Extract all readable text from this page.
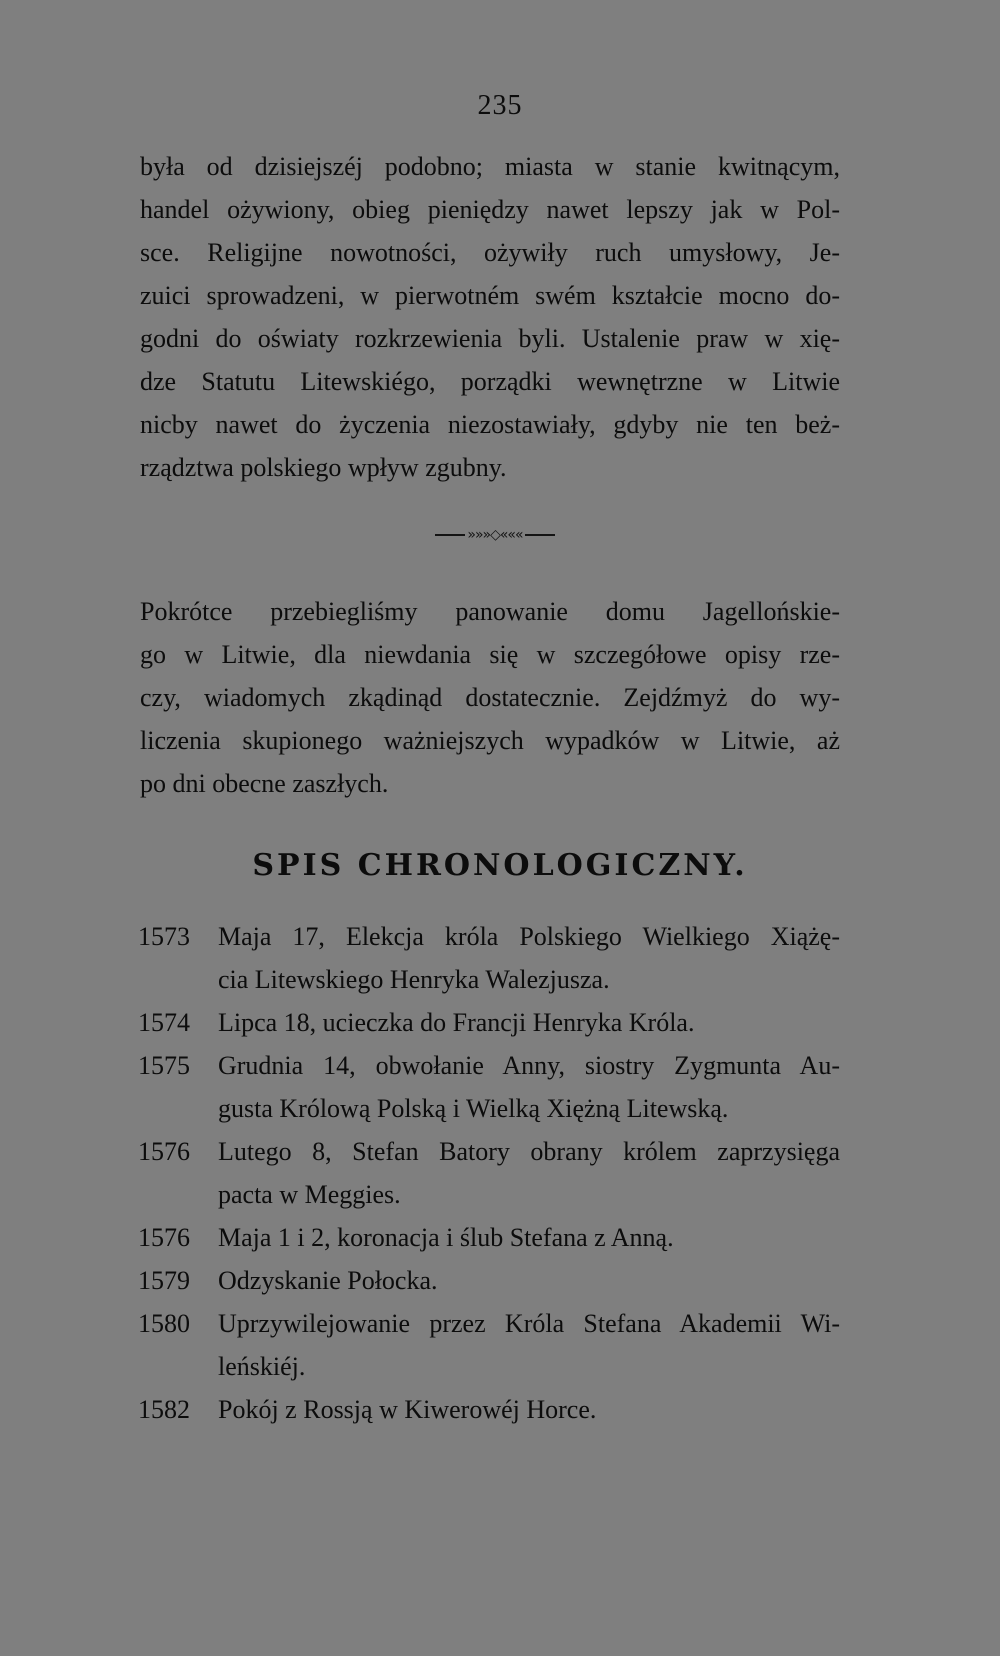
235
była od dzisiejszéj podobno; miasta w stanie kwitnącym,
handel ożywiony, obieg pieniędzy nawet lepszy jak w Pol-
sce. Religijne nowotności, ożywiły ruch umysłowy, Je-
zuici sprowadzeni, w pierwotném swém kształcie mocno do-
godni do oświaty rozkrzewienia byli. Ustalenie praw w xię-
dze Statutu Litewskiégo, porządki wewnętrzne w Litwie
nicby nawet do życzenia niezostawiały, gdyby nie ten beż-
rządztwa polskiego wpływ zgubny.
»»»◇«««
Pokrótce przebiegliśmy panowanie domu Jagellońskie-
go w Litwie, dla niewdania się w szczegółowe opisy rze-
czy, wiadomych zkądinąd dostatecznie. Zejdźmyż do wy-
liczenia skupionego ważniejszych wypadków w Litwie, aż
po dni obecne zaszłych.
SPIS CHRONOLOGICZNY.
1573	Maja 17, Elekcja króla Polskiego Wielkiego Xiążę-
cia Litewskiego Henryka Walezjusza.
1574	Lipca 18, ucieczka do Francji Henryka Króla.
1575	Grudnia 14, obwołanie Anny, siostry Zygmunta Au-
gusta Królową Polską i Wielką Xiężną Litewską.
1576	Lutego 8, Stefan Batory obrany królem zaprzysięga
pacta w Meggies.
1576	Maja 1 i 2, koronacja i ślub Stefana z Anną.
1579	Odzyskanie Połocka.
1580	Uprzywilejowanie przez Króla Stefana Akademii Wi-
leńskiéj.
1582	Pokój z Rossją w Kiwerowéj Horce.
